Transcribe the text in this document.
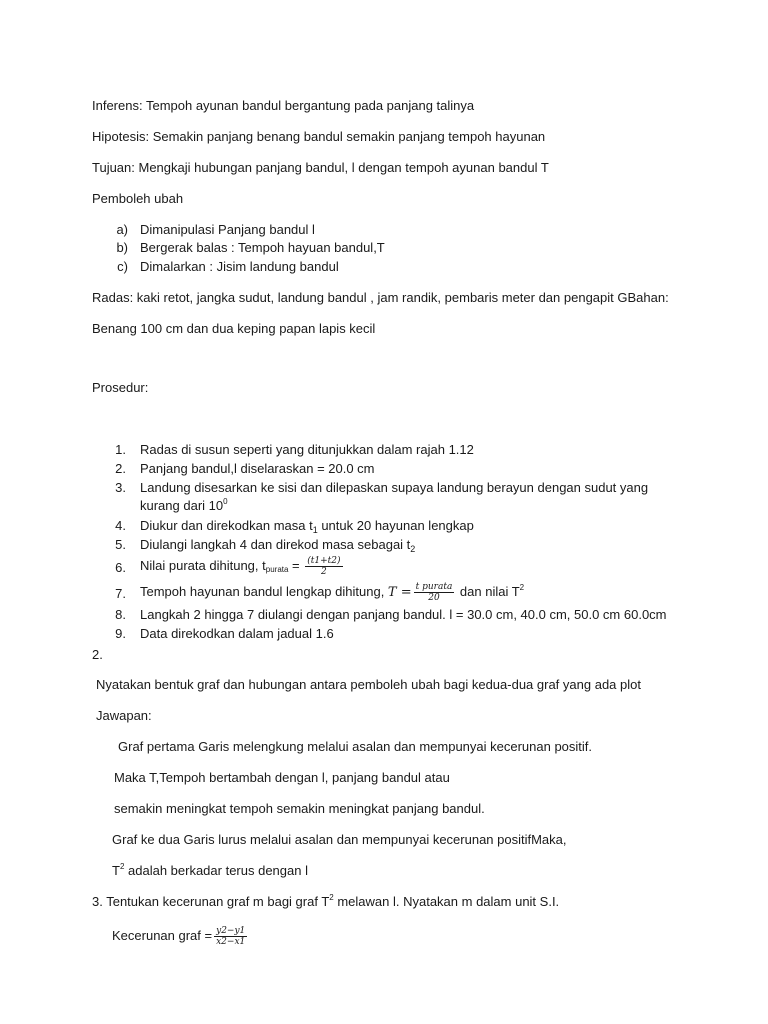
Inferens: Tempoh ayunan bandul bergantung pada panjang talinya
Hipotesis: Semakin panjang benang bandul semakin panjang tempoh hayunan
Tujuan: Mengkaji hubungan panjang bandul, l dengan tempoh ayunan bandul T
Pemboleh ubah
a) Dimanipulasi Panjang bandul l
b) Bergerak balas : Tempoh hayuan bandul,T
c) Dimalarkan : Jisim landung bandul
Radas: kaki retot, jangka sudut, landung bandul , jam randik, pembaris meter dan pengapit GBahan:
Benang 100 cm dan dua keping papan lapis kecil
Prosedur:
1. Radas di susun seperti yang ditunjukkan dalam rajah 1.12
2. Panjang bandul,l diselaraskan = 20.0 cm
3. Landung disesarkan ke sisi dan dilepaskan supaya landung berayun dengan sudut yang
kurang dari $10^0$
4. Diukur dan direkodkan masa $t_1$ untuk 20 hayunan lengkap
5. Diulangi langkah 4 dan direkod masa sebagai $t_2$
6. Nilai purata dihitung, $t_{purata} = \frac{(t1+t2)}{2}$
7. Tempoh hayunan bandul lengkap dihitung, $T = \frac{\text{t purata}}{20}$ dan nilai $T^2$
8. Langkah 2 hingga 7 diulangi dengan panjang bandul. l = 30.0 cm, 40.0 cm, 50.0 cm 60.0cm
9. Data direkodkan dalam jadual 1.6
2.
Nyatakan bentuk graf dan hubungan antara pemboleh ubah bagi kedua-dua graf yang ada plot
Jawapan:
Graf pertama Garis melengkung melalui asalan dan mempunyai kecerunan positif.
Maka T,Tempoh bertambah dengan l, panjang bandul atau
semakin meningkat tempoh semakin meningkat panjang bandul.
Graf ke dua Garis lurus melalui asalan dan mempunyai kecerunan positifMaka,
$T^2$ adalah berkadar terus dengan l
3. Tentukan kecerunan graf m bagi graf $T^2$ melawan l. Nyatakan m dalam unit S.I.
Kecerunan graf = $\frac{y2-y1}{x2-x1}$
